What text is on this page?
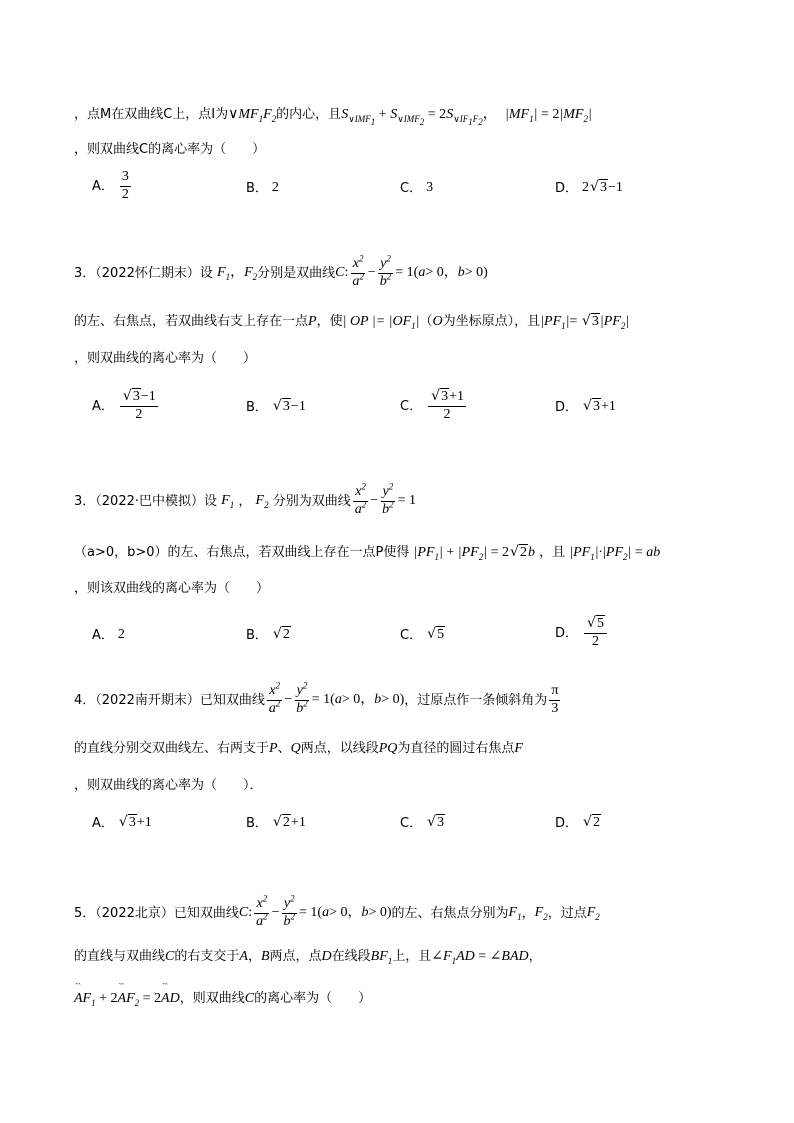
，点M在双曲线C上，点I为$\vee MF_1F_2$的内心，且$S_{\vee IMF_1} + S_{\vee IMF_2} = 2S_{\vee IF_1F_2}$， $|MF_1| = 2|MF_2|$
，则双曲线C的离心率为（　　）
A． $\frac{3}{2}$	B． 2	C． 3	D． 2
√ 3 −1
3．（2022怀仁期末）设
$F_1$ ， $F_2$ 分别是双曲线 C : $\frac{x^2}{a^2} - \frac{y^2}{b^2} = 1$( a > 0， b > 0)
的左、右焦点，若双曲线右支上存在一点P，使| OP |= $|OF_1|(O$为坐标原点），且$|PF_1|=$ √ $3|PF_2|$
，则双曲线的离心率为（　　）
A．
√ $\frac{3-1}{2}$	B．
√	3 −1	C．
√ $\frac{3+1}{2}$	D．
√	3 +1
3．（2022·巴中模拟）设
$F_1$
，
$F_2$
分别为双曲线 $\frac{x^2}{a^2} - \frac{y^2}{b^2} = 1$
（a>0，b>0）的左、右焦点，若双曲线上存在一点P使得 $|PF_1| + |PF_2| = 2√$ 2b ，且 $|PF_1|\cdot|PF_2|$ = ab
，则该双曲线的离心率为（　　）
A． 2	B．
√	2	C．
√	5	D．
√ $\frac{5}{2}$
4．（2022南开期末）已知双曲线 $\frac{x^2}{a^2} - \frac{y^2}{b^2} = 1$( a > 0， b > 0) ，过原点作一条倾斜角为 $\frac{\pi}{3}$
的直线分别交双曲线左、右两支于P、Q两点，以线段PQ为直径的圆过右焦点F
，则双曲线的离心率为（　　）．
A．
√	3 +1	B．
√	2 +1	C．
√	3	D．
√	2
5．（2022北京）已知双曲线 C : $\frac{x^2}{a^2} - \frac{y^2}{b^2} = 1$( a > 0， b > 0) 的左、右焦点分别为 $F_1$ ， $F_2$ ，过点 $F_2$
的直线与双曲线C的右支交于A，B两点，点D在线段$BF_1$上，且$\angle F_1AD$ = ∠BAD，
ˋˋˋ $AF_1$ + 2ˋˋˋ $AF_2$ = 2ˋˋˋ AD，则双曲线C的离心率为（　　）
